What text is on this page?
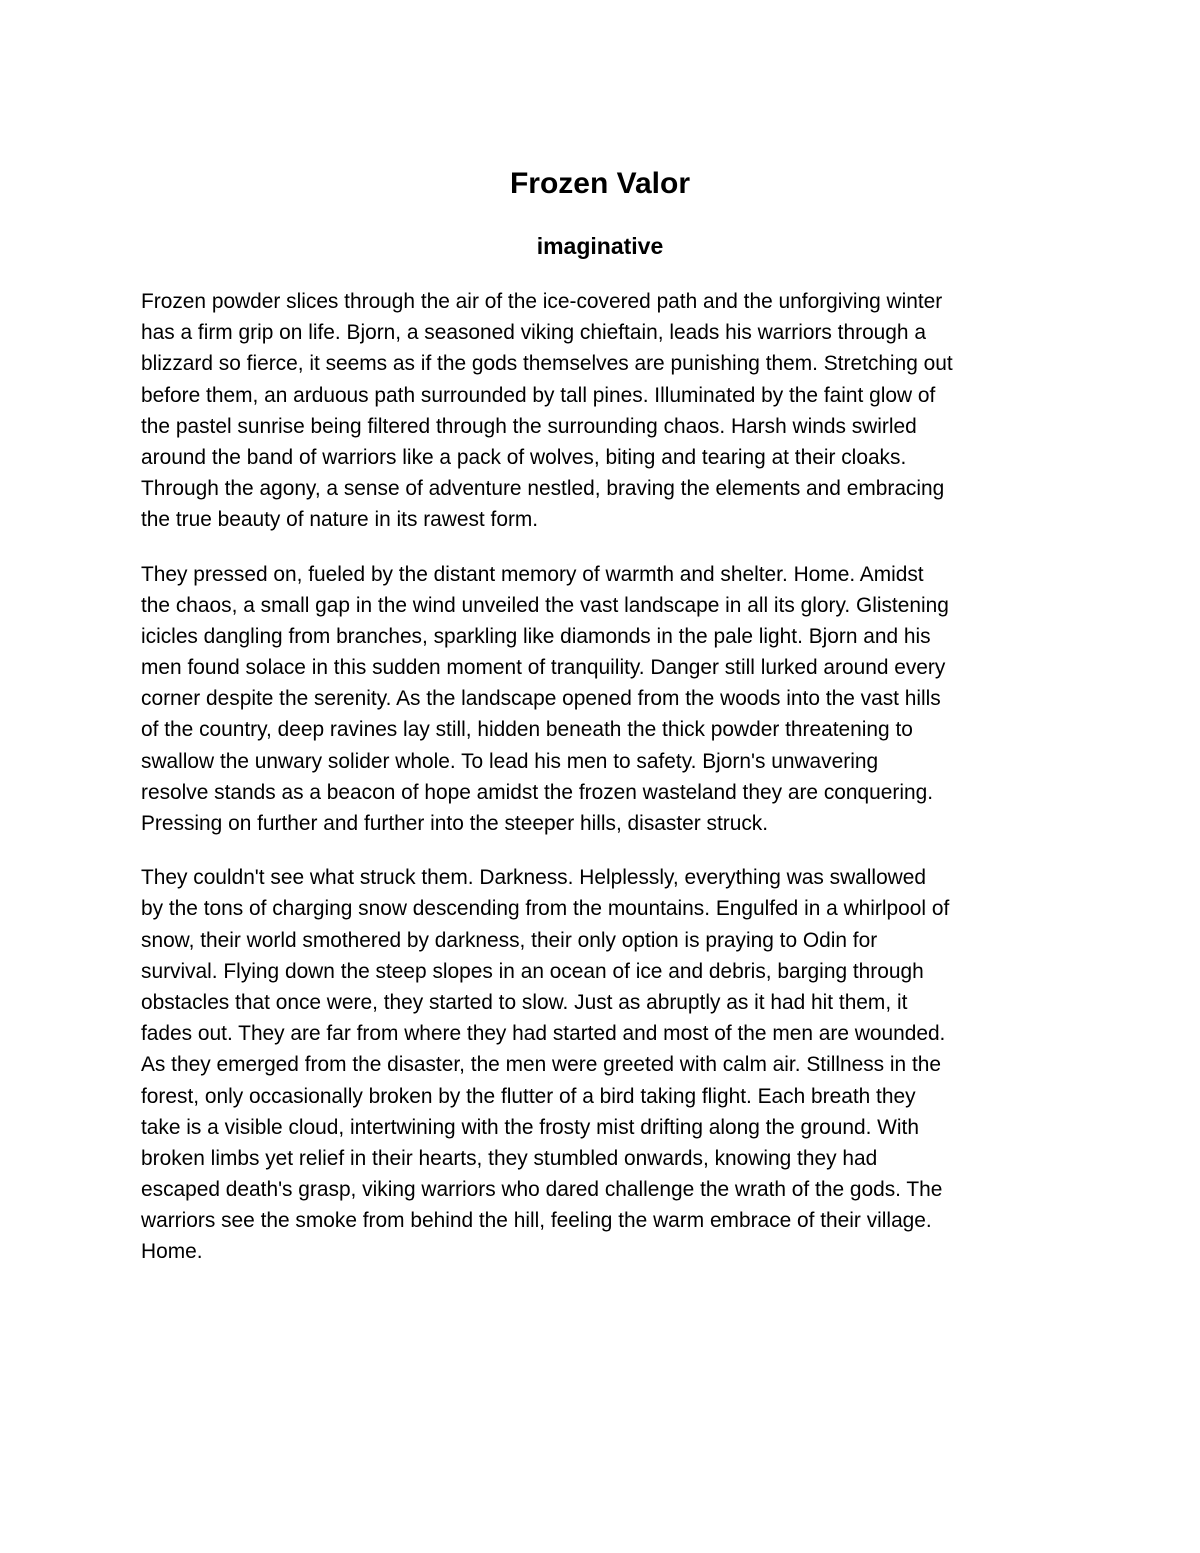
Frozen Valor
imaginative

Frozen powder slices through the air of the ice-covered path and the unforgiving winter
has a firm grip on life. Bjorn, a seasoned viking chieftain, leads his warriors through a
blizzard so fierce, it seems as if the gods themselves are punishing them. Stretching out
before them, an arduous path surrounded by tall pines. Illuminated by the faint glow of
the pastel sunrise being filtered through the surrounding chaos. Harsh winds swirled
around the band of warriors like a pack of wolves, biting and tearing at their cloaks.
Through the agony, a sense of adventure nestled, braving the elements and embracing
the true beauty of nature in its rawest form.

They pressed on, fueled by the distant memory of warmth and shelter. Home. Amidst
the chaos, a small gap in the wind unveiled the vast landscape in all its glory. Glistening
icicles dangling from branches, sparkling like diamonds in the pale light. Bjorn and his
men found solace in this sudden moment of tranquility. Danger still lurked around every
corner despite the serenity. As the landscape opened from the woods into the vast hills
of the country, deep ravines lay still, hidden beneath the thick powder threatening to
swallow the unwary solider whole. To lead his men to safety. Bjorn's unwavering
resolve stands as a beacon of hope amidst the frozen wasteland they are conquering.
Pressing on further and further into the steeper hills, disaster struck.

They couldn't see what struck them. Darkness. Helplessly, everything was swallowed
by the tons of charging snow descending from the mountains. Engulfed in a whirlpool of
snow, their world smothered by darkness, their only option is praying to Odin for
survival. Flying down the steep slopes in an ocean of ice and debris, barging through
obstacles that once were, they started to slow. Just as abruptly as it had hit them, it
fades out. They are far from where they had started and most of the men are wounded.
As they emerged from the disaster, the men were greeted with calm air. Stillness in the
forest, only occasionally broken by the flutter of a bird taking flight. Each breath they
take is a visible cloud, intertwining with the frosty mist drifting along the ground. With
broken limbs yet relief in their hearts, they stumbled onwards, knowing they had
escaped death's grasp, viking warriors who dared challenge the wrath of the gods. The
warriors see the smoke from behind the hill, feeling the warm embrace of their village.
Home.
